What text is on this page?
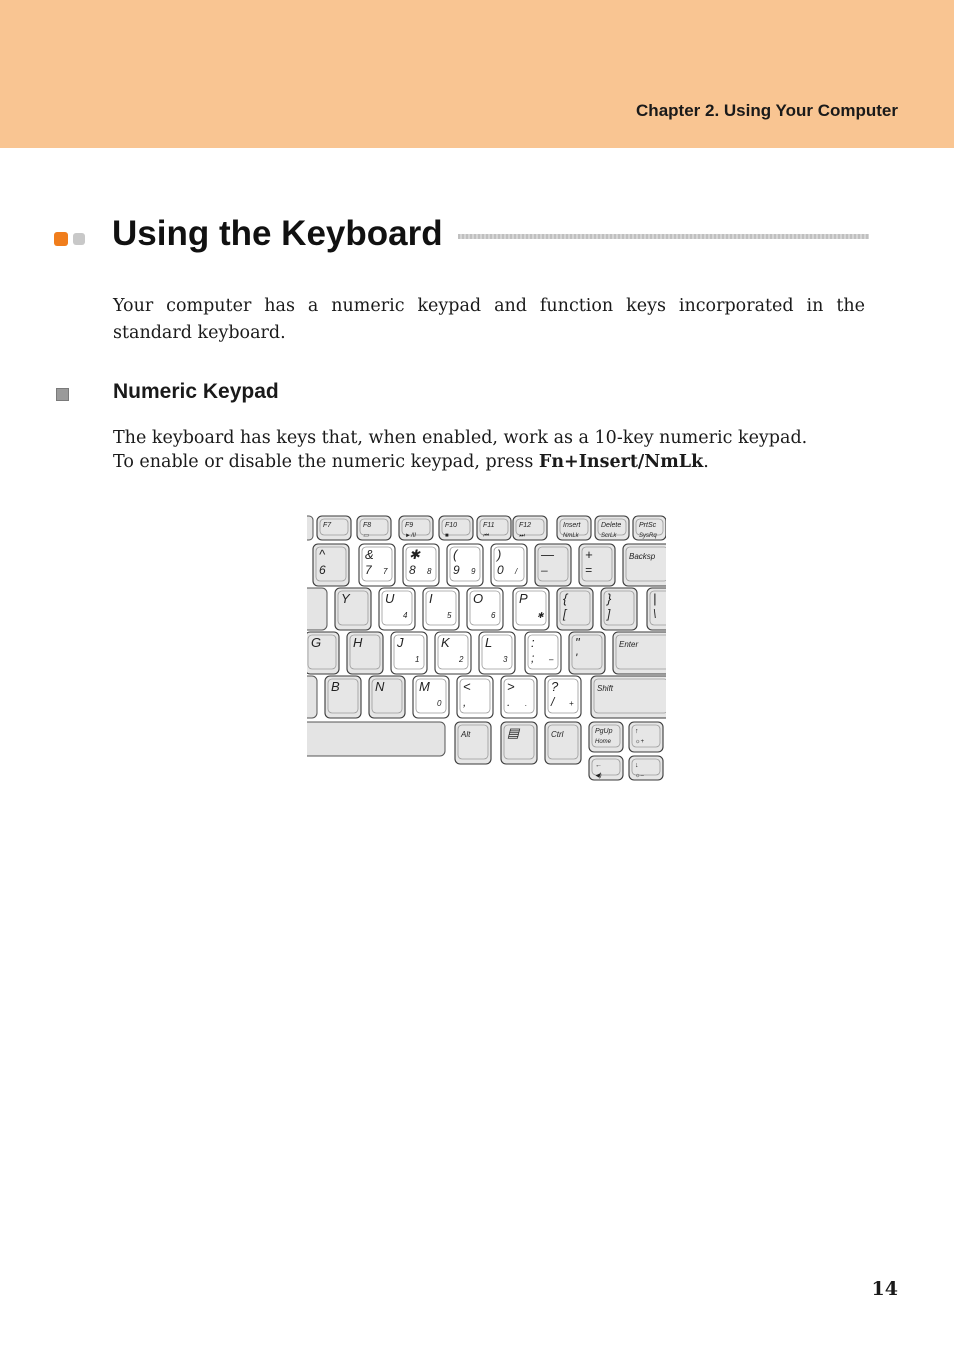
Chapter 2. Using Your Computer
Using the Keyboard

Your computer has a numeric keypad and function keys incorporated in the standard keyboard.

Numeric Keypad

The keyboard has keys that, when enabled, work as a 10-key numeric keypad.

To enable or disable the numeric keypad, press Fn+Insert/NmLk.

F7	F8
▭
F9
►/II
F10
■
F11
⏮
F12
⏭
Insert
NmLk
Delete
ScrLk
PrtSc
SysRq
^
6
&
7 7
✱
8 8
(
9 9
)
0 /
—
–
+
=
Backsp
Y	U
4
I
5
O
6
P
✱
{
[
}
]
|
\
G H	J
1
K
2
L
3
:
; –
"
'
Enter
B	N	M
0
<
,
>
. .
?
/ +
Shift
Alt	▤	Ctrl	PgUp
Home
↑
☼+
←
◀)
↓
☼–
14
